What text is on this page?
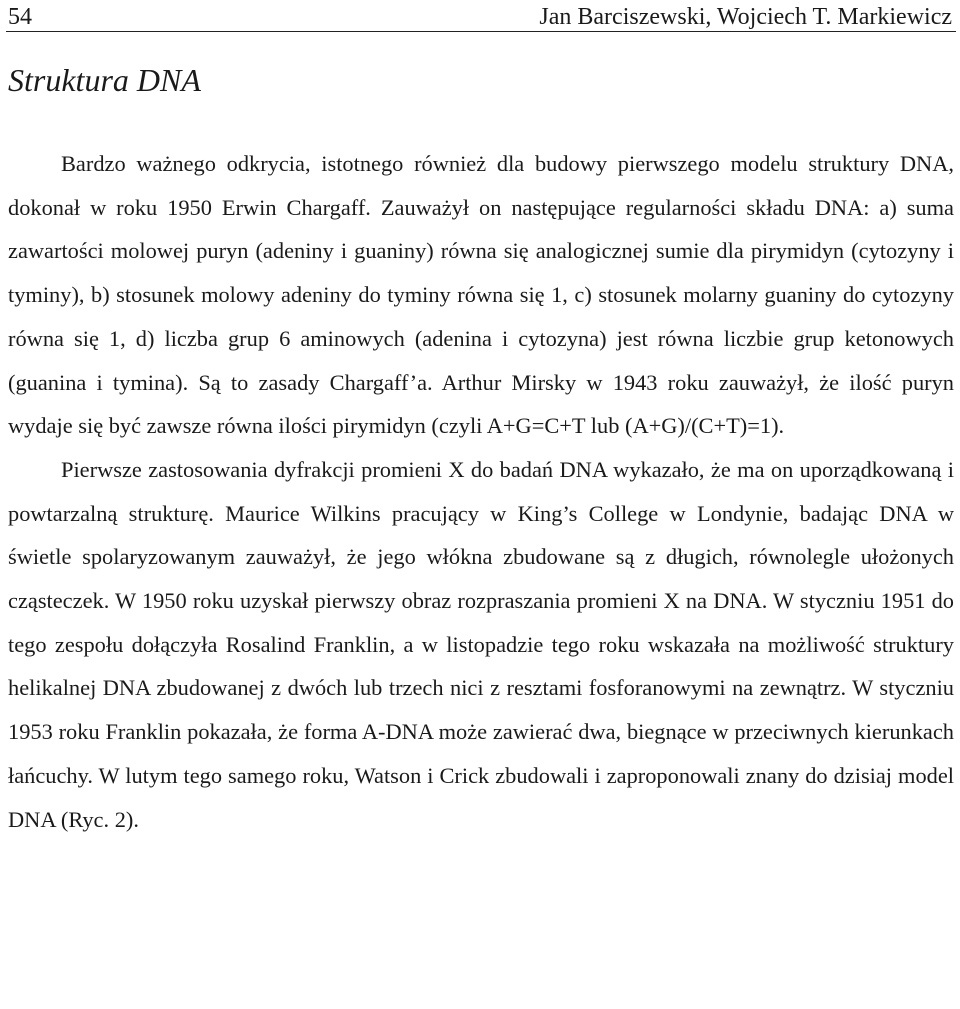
54	Jan Barciszewski, Wojciech T. Markiewicz
Struktura DNA

Bardzo ważnego odkrycia, istotnego również dla budowy pierwszego modelu struktury DNA, dokonał w roku 1950 Erwin Chargaff. Zauważył on następujące regularności składu DNA: a) suma zawartości molowej puryn (adeniny i guaniny) równa się analogicznej sumie dla pirymidyn (cytozyny i tyminy), b) stosunek molowy adeniny do tyminy równa się 1, c) stosunek molarny guaniny do cytozyny równa się 1, d) liczba grup 6 aminowych (adenina i cytozyna) jest równa liczbie grup ketonowych (guanina i tymina). Są to zasady Chargaff’a. Arthur Mirsky w 1943 roku zauważył, że ilość puryn wydaje się być zawsze równa ilości pirymidyn (czyli A+G=C+T lub (A+G)/(C+T)=1).

Pierwsze zastosowania dyfrakcji promieni X do badań DNA wykazało, że ma on uporządkowaną i powtarzalną strukturę. Maurice Wilkins pracujący w King’s College w Londynie, badając DNA w świetle spolaryzowanym zauważył, że jego włókna zbudowane są z długich, równolegle ułożonych cząsteczek. W 1950 roku uzyskał pierwszy obraz rozpraszania promieni X na DNA. W styczniu 1951 do tego zespołu dołączyła Rosalind Franklin, a w listopadzie tego roku wskazała na możliwość struktury helikalnej DNA zbudowanej z dwóch lub trzech nici z resztami fosforanowymi na zewnątrz. W styczniu 1953 roku Franklin pokazała, że forma A-DNA może zawierać dwa, biegnące w przeciwnych kierunkach łańcuchy. W lutym tego samego roku, Watson i Crick zbudowali i zaproponowali znany do dzisiaj model DNA (Ryc. 2).
